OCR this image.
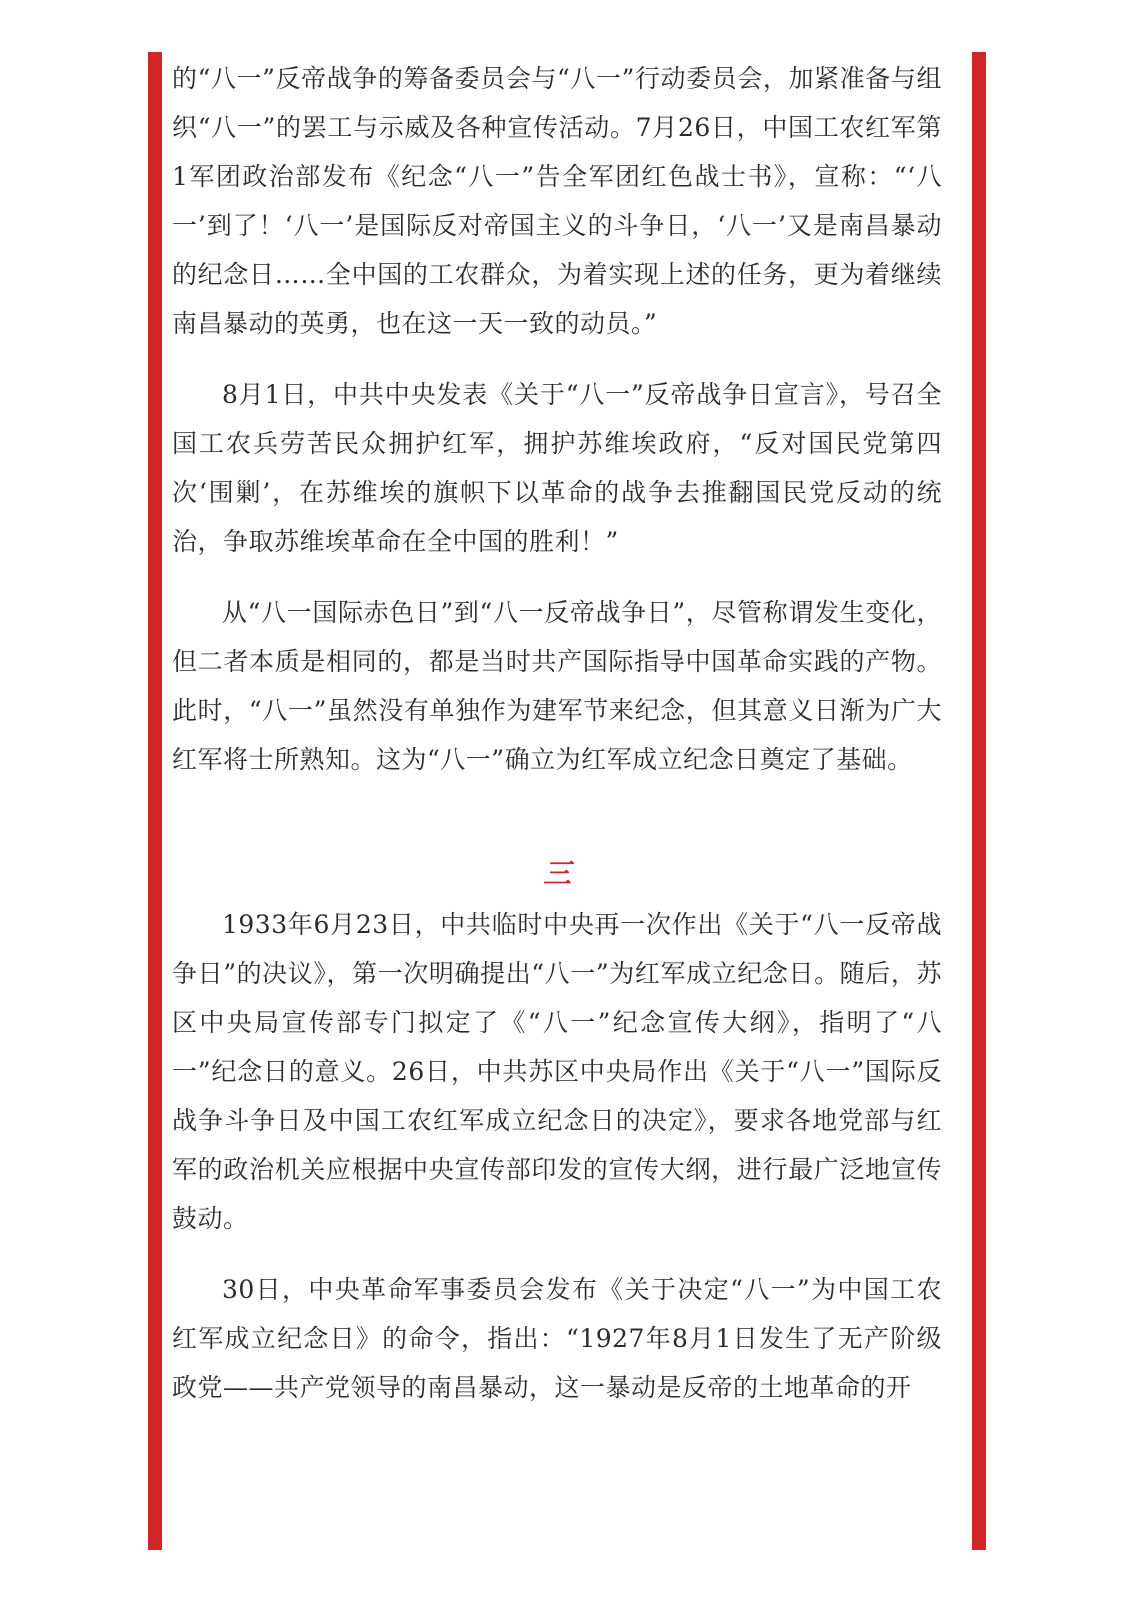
的“八一”反帝战争的筹备委员会与“八一”行动委员会，加紧准备与组织“八一”的罢工与示威及各种宣传活动。7月26日，中国工农红军第1军团政治部发布《纪念“八一”告全军团红色战士书》，宣称：“‘八一’到了！‘八一’是国际反对帝国主义的斗争日，‘八一’又是南昌暴动的纪念日……全中国的工农群众，为着实现上述的任务，更为着继续南昌暴动的英勇，也在这一天一致的动员。”

8月1日，中共中央发表《关于“八一”反帝战争日宣言》，号召全国工农兵劳苦民众拥护红军，拥护苏维埃政府，“反对国民党第四次‘围剿’，在苏维埃的旗帜下以革命的战争去推翻国民党反动的统治，争取苏维埃革命在全中国的胜利！”

从“八一国际赤色日”到“八一反帝战争日”，尽管称谓发生变化，但二者本质是相同的，都是当时共产国际指导中国革命实践的产物。此时，“八一”虽然没有单独作为建军节来纪念，但其意义日渐为广大红军将士所熟知。这为“八一”确立为红军成立纪念日奠定了基础。

三

1933年6月23日，中共临时中央再一次作出《关于“八一反帝战争日”的决议》，第一次明确提出“八一”为红军成立纪念日。随后，苏区中央局宣传部专门拟定了《“八一”纪念宣传大纲》，指明了“八一”纪念日的意义。26日，中共苏区中央局作出《关于“八一”国际反战争斗争日及中国工农红军成立纪念日的决定》，要求各地党部与红军的政治机关应根据中央宣传部印发的宣传大纲，进行最广泛地宣传鼓动。

30日，中央革命军事委员会发布《关于决定“八一”为中国工农红军成立纪念日》的命令，指出：“1927年8月1日发生了无产阶级政党——共产党领导的南昌暴动，这一暴动是反帝的土地革命的开
